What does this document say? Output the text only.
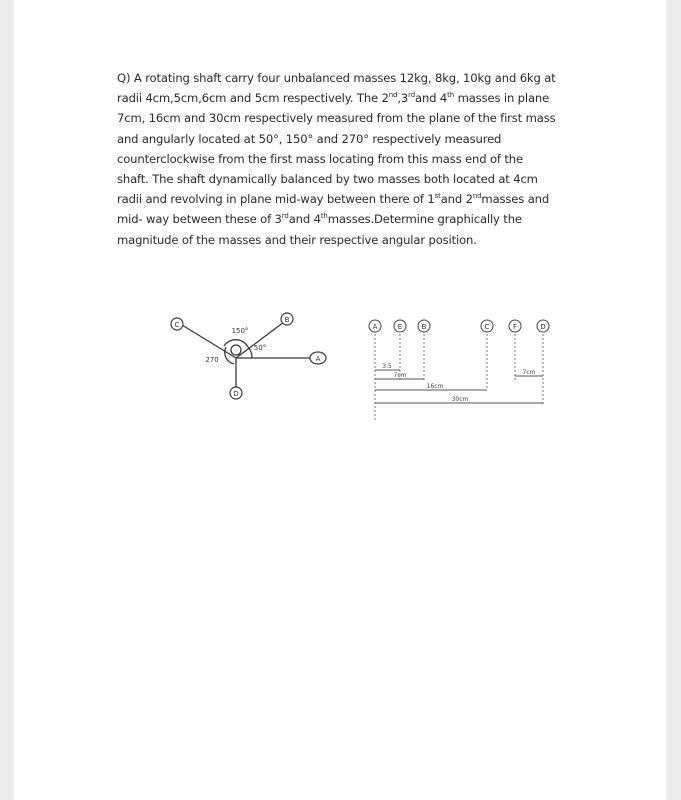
Q) A rotating shaft carry four unbalanced masses 12kg, 8kg, 10kg and 6kg at radii 4cm,5cm,6cm and 5cm respectively. The 2nd,3rdand 4th masses in plane 7cm, 16cm and 30cm respectively measured from the plane of the first mass and angularly located at 50°, 150° and 270° respectively measured counterclockwise from the first mass locating from this mass end of the shaft. The shaft dynamically balanced by two masses both located at 4cm radii and revolving in plane mid-way between there of 1stand 2ndmasses and mid- way between these of 3rdand 4thmasses.Determine graphically the magnitude of the masses and their respective angular position.
A
B
C
D
150°
50°
270
A	E	B	C	F	D
3.5
7cm
16cm
30cm
7cm
